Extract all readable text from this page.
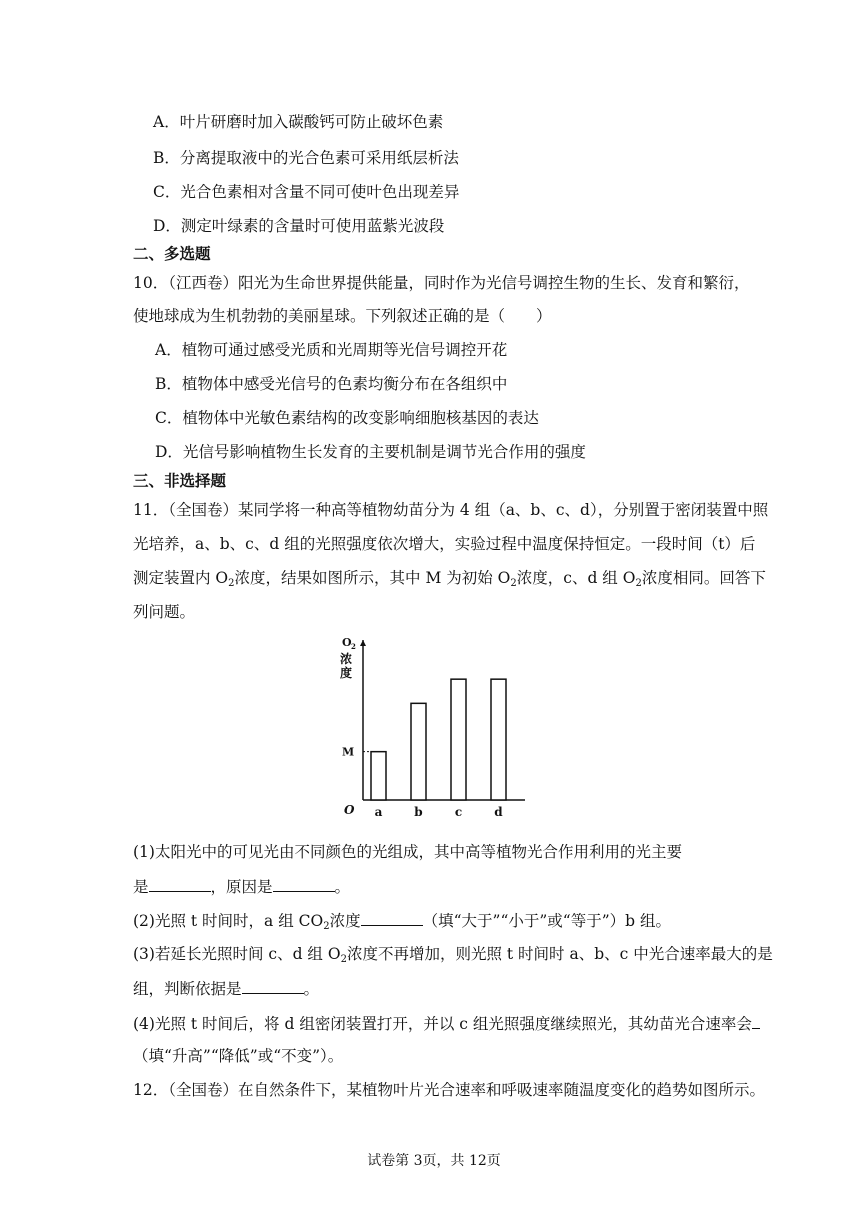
A．叶片研磨时加入碳酸钙可防止破坏色素
B．分离提取液中的光合色素可采用纸层析法
C．光合色素相对含量不同可使叶色出现差异
D．测定叶绿素的含量时可使用蓝紫光波段
二、多选题
10．（江西卷）阳光为生命世界提供能量，同时作为光信号调控生物的生长、发育和繁衍，
使地球成为生机勃勃的美丽星球。下列叙述正确的是（　　）
A．植物可通过感受光质和光周期等光信号调控开花
B．植物体中感受光信号的色素均衡分布在各组织中
C．植物体中光敏色素结构的改变影响细胞核基因的表达
D．光信号影响植物生长发育的主要机制是调节光合作用的强度
三、非选择题
11．（全国卷）某同学将一种高等植物幼苗分为 4 组（a、b、c、d），分别置于密闭装置中照
光培养，a、b、c、d 组的光照强度依次增大，实验过程中温度保持恒定。一段时间（t）后
测定装置内 $O_2$浓度，结果如图所示，其中 M 为初始 $O_2$浓度，c、d 组 $O_2$浓度相同。回答下
列问题。
O 2
浓
度
O
M
a	b	c	d
(1)太阳光中的可见光由不同颜色的光组成，其中高等植物光合作用利用的光主要
是	，原因是	。
(2)光照 t 时间时，a 组 $CO_2$浓度	（填“大于”“小于”或“等于”）b 组。
(3)若延长光照时间 c、d 组 $O_2$浓度不再增加，则光照 t 时间时 a、b、c 中光合速率最大的是
组，判断依据是	。
(4)光照 t 时间后，将 d 组密闭装置打开，并以 c 组光照强度继续照光，其幼苗光合速率会
（填“升高”“降低”或“不变”）。
12．（全国卷）在自然条件下，某植物叶片光合速率和呼吸速率随温度变化的趋势如图所示。
试卷第 3页，共 12页
